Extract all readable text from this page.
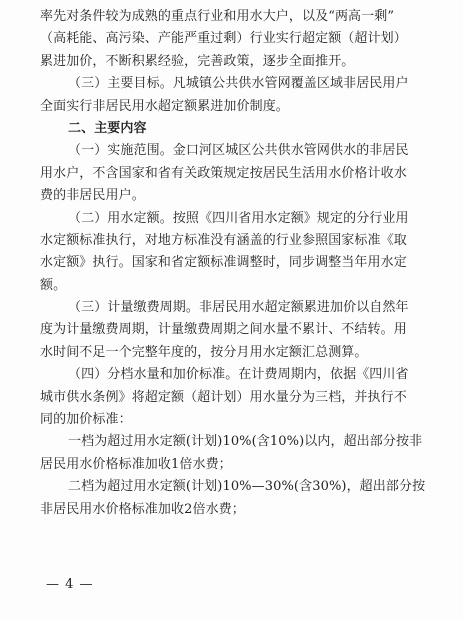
率先对条件较为成熟的重点行业和用水大户，以及“两高一剩”
（高耗能、高污染、产能严重过剩）行业实行超定额（超计划）
累进加价，不断积累经验，完善政策，逐步全面推开。
（三）主要目标。凡城镇公共供水管网覆盖区域非居民用户
全面实行非居民用水超定额累进加价制度。
二、主要内容
（一）实施范围。金口河区城区公共供水管网供水的非居民
用水户，不含国家和省有关政策规定按居民生活用水价格计收水
费的非居民用户。
（二）用水定额。按照《四川省用水定额》规定的分行业用
水定额标准执行，对地方标准没有涵盖的行业参照国家标准《取
水定额》执行。国家和省定额标准调整时，同步调整当年用水定
额。
（三）计量缴费周期。非居民用水超定额累进加价以自然年
度为计量缴费周期，计量缴费周期之间水量不累计、不结转。用
水时间不足一个完整年度的，按分月用水定额汇总测算。
（四）分档水量和加价标准。在计费周期内，依据《四川省
城市供水条例》将超定额（超计划）用水量分为三档，并执行不
同的加价标准：
一档为超过用水定额(计划)10%(含10%)以内，超出部分按非
居民用水价格标准加收1倍水费；
二档为超过用水定额(计划)10%—30%(含30%)，超出部分按
非居民用水价格标准加收2倍水费；
— 4 —
